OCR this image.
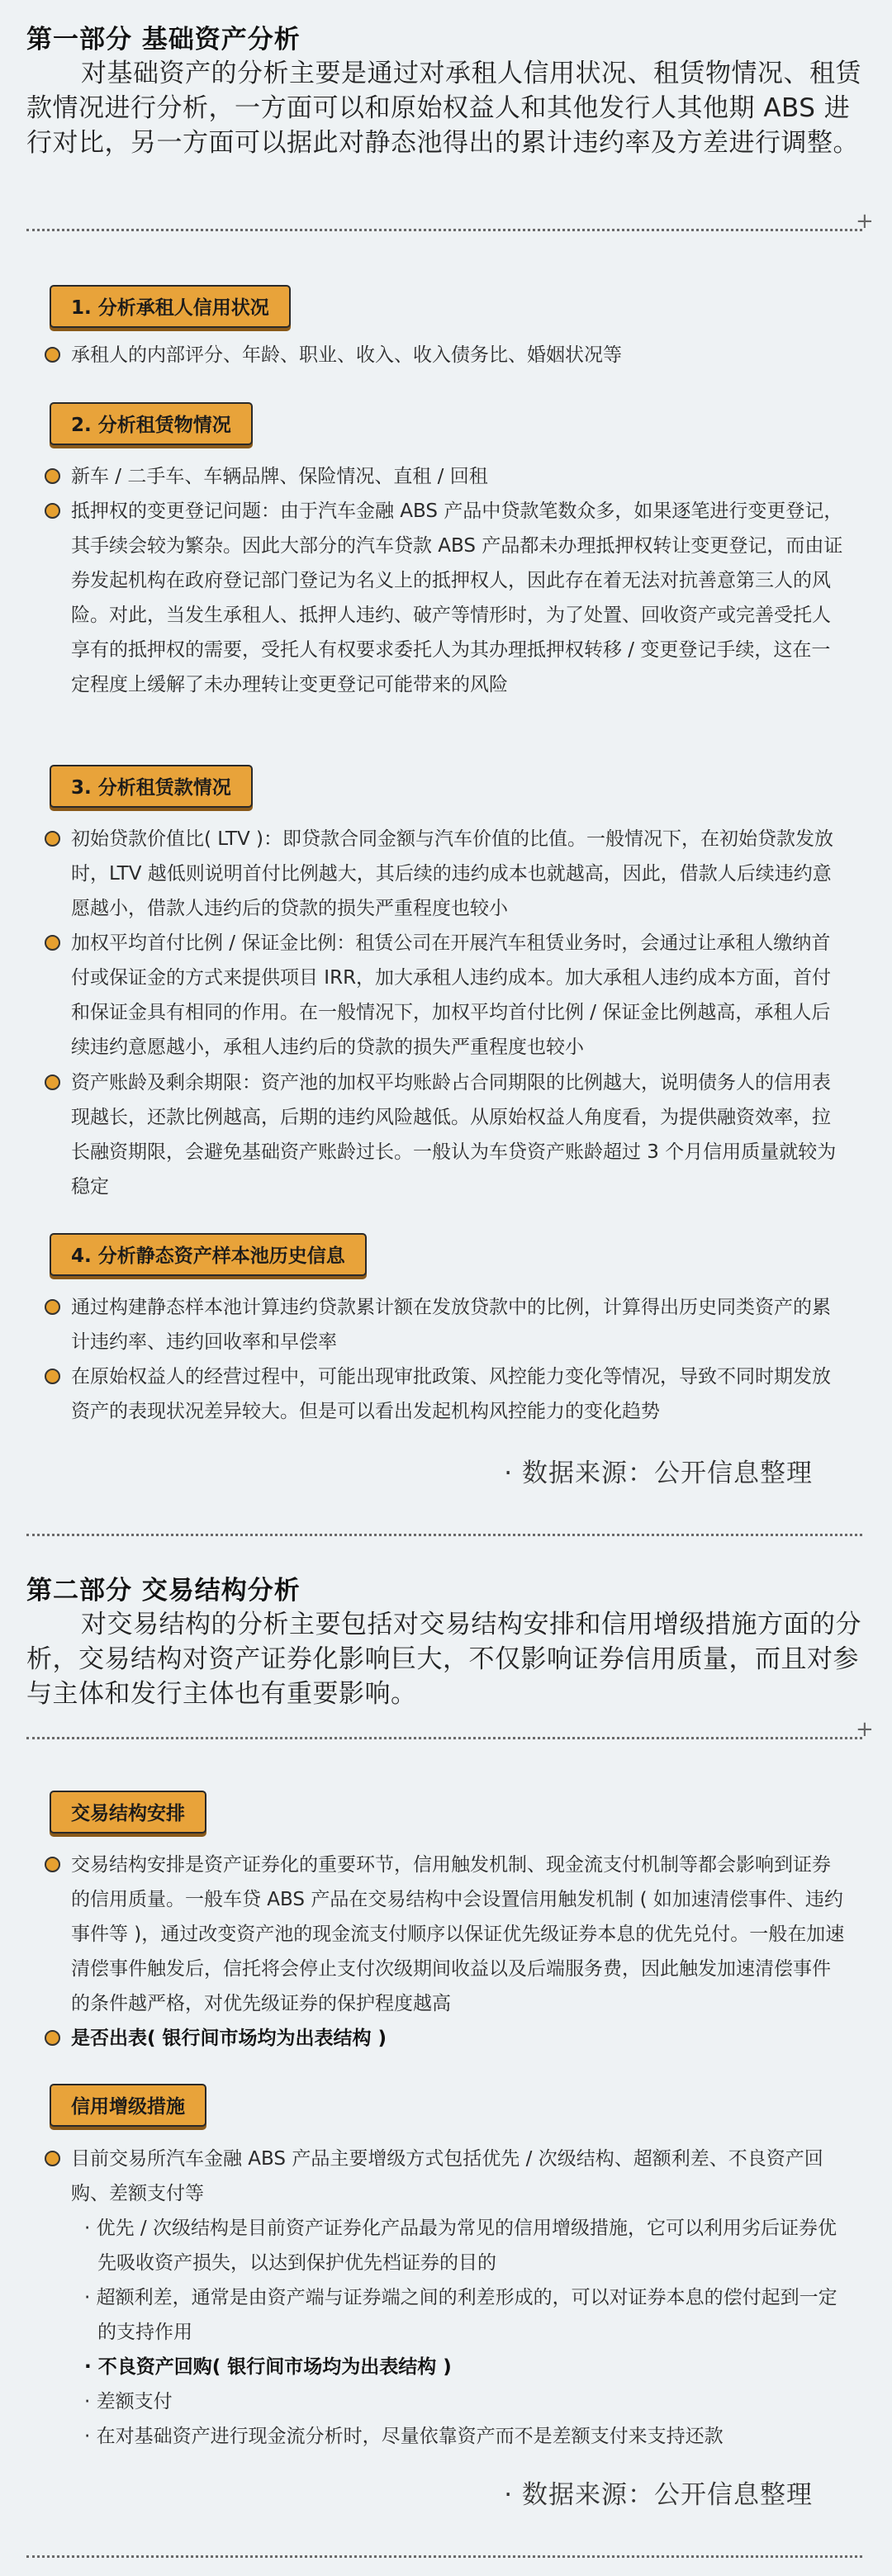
第一部分 基础资产分析

对基础资产的分析主要是通过对承租人信用状况、租赁物情况、租赁款情况进行分析，一方面可以和原始权益人和其他发行人其他期 ABS 进行对比，另一方面可以据此对静态池得出的累计违约率及方差进行调整。

+
1. 分析承租人信用状况

承租人的内部评分、年龄、职业、收入、收入债务比、婚姻状况等

2. 分析租赁物情况

新车 / 二手车、车辆品牌、保险情况、直租 / 回租

抵押权的变更登记问题：由于汽车金融 ABS 产品中贷款笔数众多，如果逐笔进行变更登记，其手续会较为繁杂。因此大部分的汽车贷款 ABS 产品都未办理抵押权转让变更登记，而由证券发起机构在政府登记部门登记为名义上的抵押权人，因此存在着无法对抗善意第三人的风险。对此，当发生承租人、抵押人违约、破产等情形时，为了处置、回收资产或完善受托人享有的抵押权的需要，受托人有权要求委托人为其办理抵押权转移 / 变更登记手续，这在一定程度上缓解了未办理转让变更登记可能带来的风险

3. 分析租赁款情况

初始贷款价值比( LTV )：即贷款合同金额与汽车价值的比值。一般情况下，在初始贷款发放时，LTV 越低则说明首付比例越大，其后续的违约成本也就越高，因此，借款人后续违约意愿越小，借款人违约后的贷款的损失严重程度也较小

加权平均首付比例 / 保证金比例：租赁公司在开展汽车租赁业务时，会通过让承租人缴纳首付或保证金的方式来提供项目 IRR，加大承租人违约成本。加大承租人违约成本方面，首付和保证金具有相同的作用。在一般情况下，加权平均首付比例 / 保证金比例越高，承租人后续违约意愿越小，承租人违约后的贷款的损失严重程度也较小

资产账龄及剩余期限：资产池的加权平均账龄占合同期限的比例越大，说明债务人的信用表现越长，还款比例越高，后期的违约风险越低。从原始权益人角度看，为提供融资效率，拉长融资期限，会避免基础资产账龄过长。一般认为车贷资产账龄超过 3 个月信用质量就较为稳定

4. 分析静态资产样本池历史信息

通过构建静态样本池计算违约贷款累计额在发放贷款中的比例，计算得出历史同类资产的累计违约率、违约回收率和早偿率

在原始权益人的经营过程中，可能出现审批政策、风控能力变化等情况，导致不同时期发放资产的表现状况差异较大。但是可以看出发起机构风控能力的变化趋势

· 数据来源：公开信息整理
第二部分 交易结构分析

对交易结构的分析主要包括对交易结构安排和信用增级措施方面的分析，交易结构对资产证券化影响巨大，不仅影响证券信用质量，而且对参与主体和发行主体也有重要影响。

+
交易结构安排

交易结构安排是资产证券化的重要环节，信用触发机制、现金流支付机制等都会影响到证券的信用质量。一般车贷 ABS 产品在交易结构中会设置信用触发机制 ( 如加速清偿事件、违约事件等 )，通过改变资产池的现金流支付顺序以保证优先级证券本息的优先兑付。一般在加速清偿事件触发后，信托将会停止支付次级期间收益以及后端服务费，因此触发加速清偿事件的条件越严格，对优先级证券的保护程度越高

是否出表( 银行间市场均为出表结构 )

信用增级措施

目前交易所汽车金融 ABS 产品主要增级方式包括优先 / 次级结构、超额利差、不良资产回购、差额支付等

· 优先 / 次级结构是目前资产证券化产品最为常见的信用增级措施，它可以利用劣后证券优先吸收资产损失，以达到保护优先档证券的目的

· 超额利差，通常是由资产端与证券端之间的利差形成的，可以对证券本息的偿付起到一定的支持作用

· 不良资产回购( 银行间市场均为出表结构 )

· 差额支付

· 在对基础资产进行现金流分析时，尽量依靠资产而不是差额支付来支持还款

· 数据来源：公开信息整理
